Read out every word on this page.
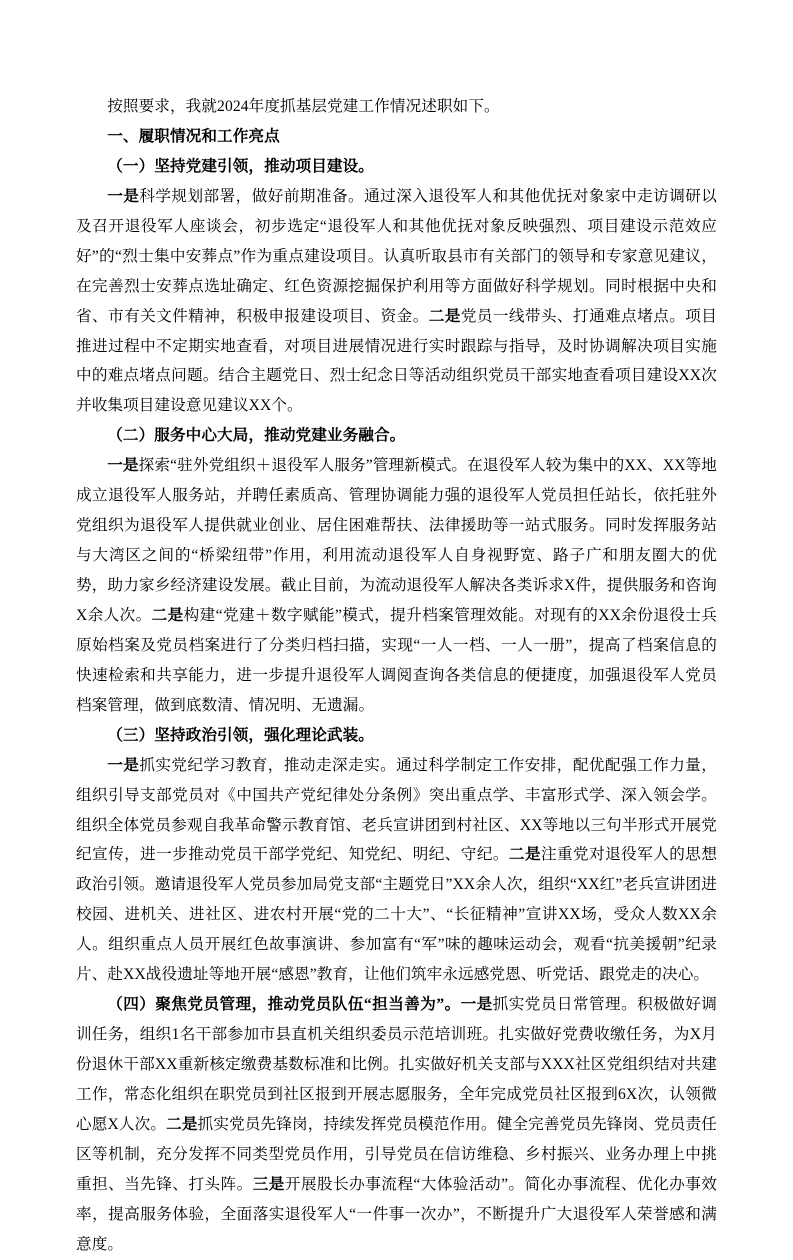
按照要求，我就2024年度抓基层党建工作情况述职如下。

一、履职情况和工作亮点

（一）坚持党建引领，推动项目建设。

一是科学规划部署，做好前期准备。通过深入退役军人和其他优抚对象家中走访调研以及召开退役军人座谈会，初步选定“退役军人和其他优抚对象反映强烈、项目建设示范效应好”的“烈士集中安葬点”作为重点建设项目。认真听取县市有关部门的领导和专家意见建议，在完善烈士安葬点选址确定、红色资源挖掘保护利用等方面做好科学规划。同时根据中央和省、市有关文件精神，积极申报建设项目、资金。二是党员一线带头、打通难点堵点。项目推进过程中不定期实地查看，对项目进展情况进行实时跟踪与指导，及时协调解决项目实施中的难点堵点问题。结合主题党日、烈士纪念日等活动组织党员干部实地查看项目建设XX次并收集项目建设意见建议XX个。

（二）服务中心大局，推动党建业务融合。

一是探索“驻外党组织＋退役军人服务”管理新模式。在退役军人较为集中的XX、XX等地成立退役军人服务站，并聘任素质高、管理协调能力强的退役军人党员担任站长，依托驻外党组织为退役军人提供就业创业、居住困难帮扶、法律援助等一站式服务。同时发挥服务站与大湾区之间的“桥梁纽带”作用，利用流动退役军人自身视野宽、路子广和朋友圈大的优势，助力家乡经济建设发展。截止目前，为流动退役军人解决各类诉求X件，提供服务和咨询X余人次。二是构建“党建＋数字赋能”模式，提升档案管理效能。对现有的XX余份退役士兵原始档案及党员档案进行了分类归档扫描，实现“一人一档、一人一册”，提高了档案信息的快速检索和共享能力，进一步提升退役军人调阅查询各类信息的便捷度，加强退役军人党员档案管理，做到底数清、情况明、无遗漏。

（三）坚持政治引领，强化理论武装。

一是抓实党纪学习教育，推动走深走实。通过科学制定工作安排，配优配强工作力量，组织引导支部党员对《中国共产党纪律处分条例》突出重点学、丰富形式学、深入领会学。组织全体党员参观自我革命警示教育馆、老兵宣讲团到村社区、XX等地以三句半形式开展党纪宣传，进一步推动党员干部学党纪、知党纪、明纪、守纪。二是注重党对退役军人的思想政治引领。邀请退役军人党员参加局党支部“主题党日”XX余人次，组织“XX红”老兵宣讲团进校园、进机关、进社区、进农村开展“党的二十大”、“长征精神”宣讲XX场，受众人数XX余人。组织重点人员开展红色故事演讲、参加富有“军”味的趣味运动会，观看“抗美援朝”纪录片、赴XX战役遗址等地开展“感恩”教育，让他们筑牢永远感党恩、听党话、跟党走的决心。

（四）聚焦党员管理，推动党员队伍“担当善为”。一是抓实党员日常管理。积极做好调训任务，组织1名干部参加市县直机关组织委员示范培训班。扎实做好党费收缴任务，为X月份退休干部XX重新核定缴费基数标准和比例。扎实做好机关支部与XXX社区党组织结对共建工作，常态化组织在职党员到社区报到开展志愿服务，全年完成党员社区报到6X次，认领微心愿X人次。二是抓实党员先锋岗，持续发挥党员模范作用。健全完善党员先锋岗、党员责任区等机制，充分发挥不同类型党员作用，引导党员在信访维稳、乡村振兴、业务办理上中挑重担、当先锋、打头阵。三是开展股长办事流程“大体验活动”。简化办事流程、优化办事效率，提高服务体验，全面落实退役军人“一件事一次办”，不断提升广大退役军人荣誉感和满意度。
